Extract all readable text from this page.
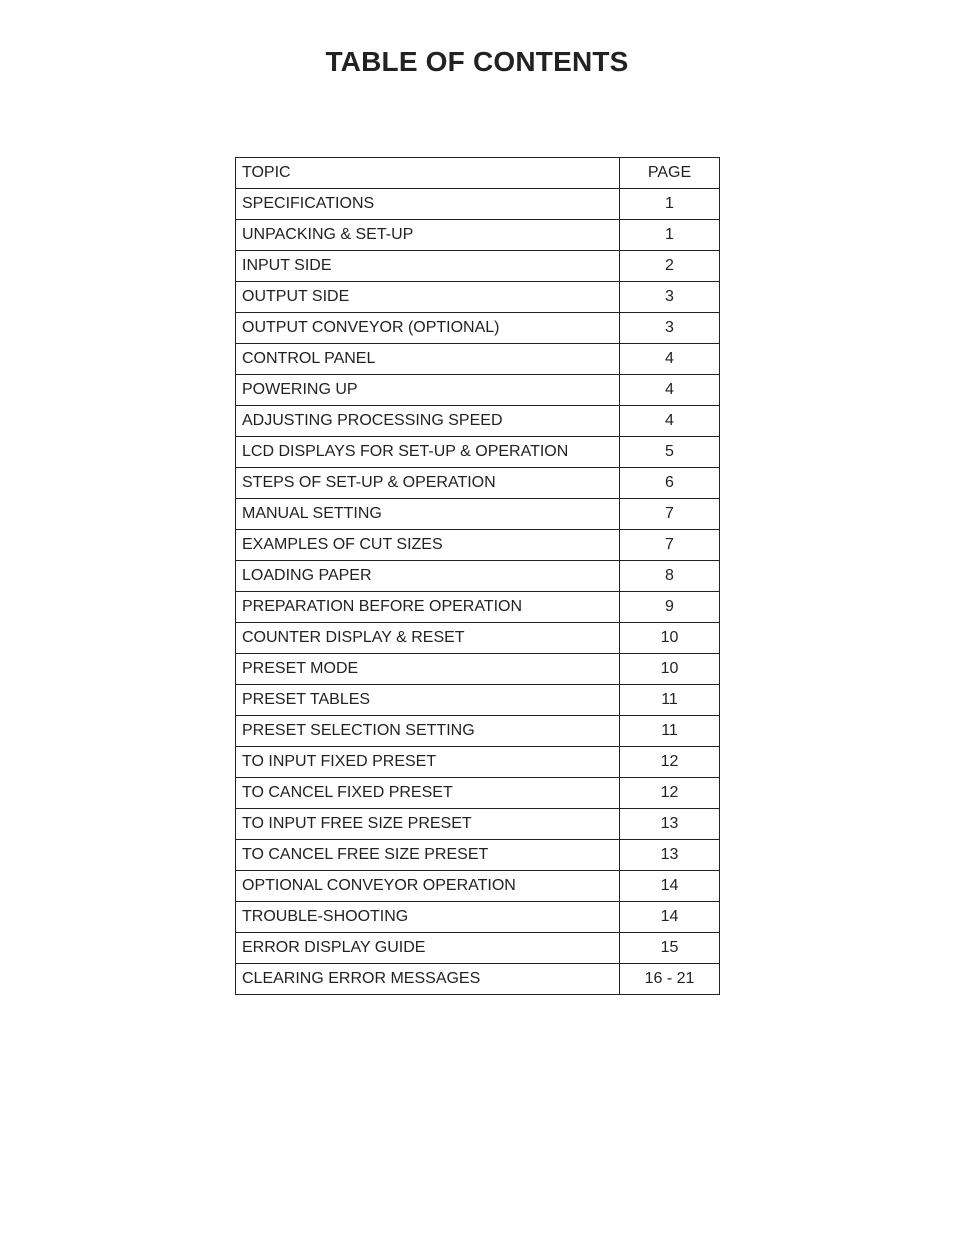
TABLE OF CONTENTS
TOPIC	PAGE
SPECIFICATIONS	1
UNPACKING & SET-UP	1
INPUT SIDE	2
OUTPUT SIDE	3
OUTPUT CONVEYOR (OPTIONAL)	3
CONTROL PANEL	4
POWERING UP	4
ADJUSTING PROCESSING SPEED	4
LCD DISPLAYS FOR SET-UP & OPERATION	5
STEPS OF SET-UP & OPERATION	6
MANUAL SETTING	7
EXAMPLES OF CUT SIZES	7
LOADING PAPER	8
PREPARATION BEFORE OPERATION	9
COUNTER DISPLAY & RESET	10
PRESET MODE	10
PRESET TABLES	11
PRESET SELECTION SETTING	11
TO INPUT FIXED PRESET	12
TO CANCEL FIXED PRESET	12
TO INPUT FREE SIZE PRESET	13
TO CANCEL FREE SIZE PRESET	13
OPTIONAL CONVEYOR OPERATION	14
TROUBLE-SHOOTING	14
ERROR DISPLAY GUIDE	15
CLEARING ERROR MESSAGES	16 - 21
